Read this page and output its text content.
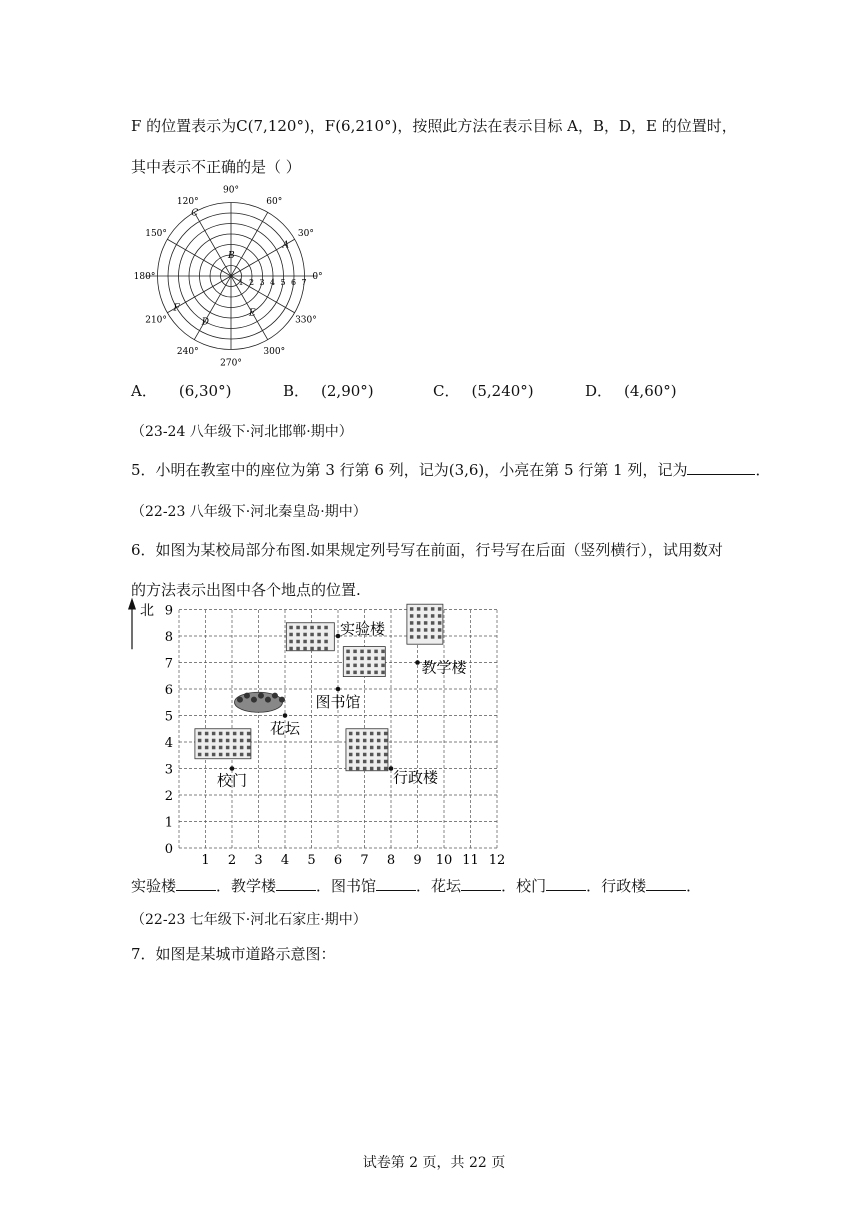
F 的位置表示为C(7,120°)，F(6,210°)，按照此方法在表示目标 A，B，D，E 的位置时，
其中表示不正确的是（ ）
90°
60°
30°
0°
330°
300°
270°
240°
210°
180°
150°
120°
1 2 3 4 5 6 7
A
B
C
D
E
F
A． (6,30°)	B． (2,90°)	C． (5,240°)	D． (4,60°)
（23-24 八年级下·河北邯郸·期中）
5．小明在教室中的座位为第 3 行第 6 列，记为(3,6)，小亮在第 5 行第 1 列，记为	．
（22-23 八年级下·河北秦皇岛·期中）
6．如图为某校局部分布图.如果规定列号写在前面，行号写在后面（竖列横行），试用数对
的方法表示出图中各个地点的位置.
1 2 3 4 5 6 7 8 9 10 11 12
0
1
2
3
4
5
6
7
8
9
北
实验楼
教学楼
图书馆
花坛
校门	行政楼
实验楼	．教学楼	．图书馆	．花坛	．校门	．行政楼	．
（22-23 七年级下·河北石家庄·期中）
7．如图是某城市道路示意图：
试卷第 2 页，共 22 页
